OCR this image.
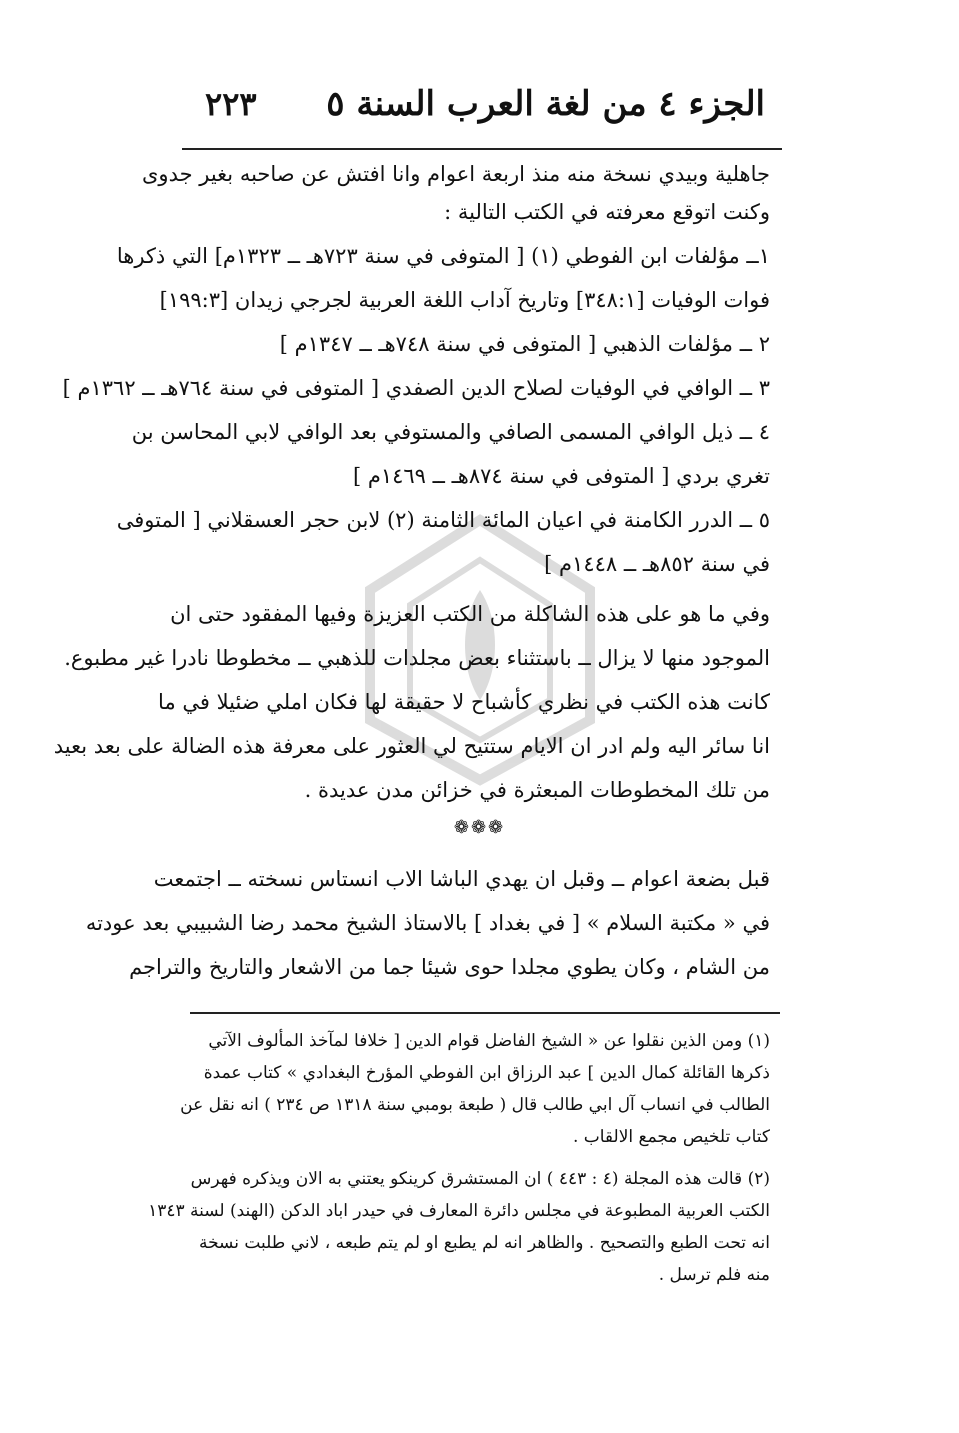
الجزء ٤ من لغة العرب السنة ٥
٢٢٣
جاهلية وبيدي نسخة منه منذ اربعة اعوام وانا افتش عن صاحبه بغير جدوى
وكنت اتوقع معرفته في الكتب التالية :
١ــ مؤلفات ابن الفوطي (١) [ المتوفى في سنة ٧٢٣هـ ــ ١٣٢٣م] التي ذكرها
فوات الوفيات [٣٤٨:١] وتاريخ آداب اللغة العربية لجرجي زيدان [١٩٩:٣]
٢ ــ مؤلفات الذهبي [ المتوفى في سنة ٧٤٨هـ ــ ١٣٤٧م ]
٣ ــ الوافي في الوفيات لصلاح الدين الصفدي [ المتوفى في سنة ٧٦٤هـ ــ ١٣٦٢م ]
٤ ــ ذيل الوافي المسمى الصافي والمستوفي بعد الوافي لابي المحاسن بن
تغري بردي [ المتوفى في سنة ٨٧٤هـ ــ ١٤٦٩م ]
٥ ــ الدرر الكامنة في اعيان المائة الثامنة (٢) لابن حجر العسقلاني [ المتوفى
في سنة ٨٥٢هـ ــ ١٤٤٨م ]
وفي ما هو على هذه الشاكلة من الكتب العزيزة وفيها المفقود حتى ان
الموجود منها لا يزال ــ باستثناء بعض مجلدات للذهبي ــ مخطوطا نادرا غير مطبوع.
كانت هذه الكتب في نظري كأشباح لا حقيقة لها فكان املي ضئيلا في ما
انا سائر اليه ولم ادر ان الايام ستتيح لي العثور على معرفة هذه الضالة على بعد بعيد
من تلك المخطوطات المبعثرة في خزائن مدن عديدة .
❁❁❁
قبل بضعة اعوام ــ وقبل ان يهدي الباشا الاب انستاس نسخته ــ اجتمعت
في « مكتبة السلام » [ في بغداد ] بالاستاذ الشيخ محمد رضا الشبيبي بعد عودته
من الشام ، وكان يطوي مجلدا حوى شيئا جما من الاشعار والتاريخ والتراجم
(١) ومن الذين نقلوا عن « الشيخ الفاضل قوام الدين [ خلافا لمآخذ المألوف الآتي
ذكرها القائلة كمال الدين ] عبد الرزاق ابن الفوطي المؤرخ البغدادي » كتاب عمدة
الطالب في انساب آل ابي طالب قال ( طبعة بومبي سنة ١٣١٨ ص ٢٣٤ ) انه نقل عن
كتاب تلخيص مجمع الالقاب .
(٢) قالت هذه المجلة (٤ : ٤٤٣ ) ان المستشرق كرينكو يعتني به الان ويذكره فهرس
الكتب العربية المطبوعة في مجلس دائرة المعارف في حيدر اباد الدكن (الهند) لسنة ١٣٤٣
انه تحت الطبع والتصحيح . والظاهر انه لم يطبع او لم يتم طبعه ، لاني طلبت نسخة
منه فلم ترسل .
